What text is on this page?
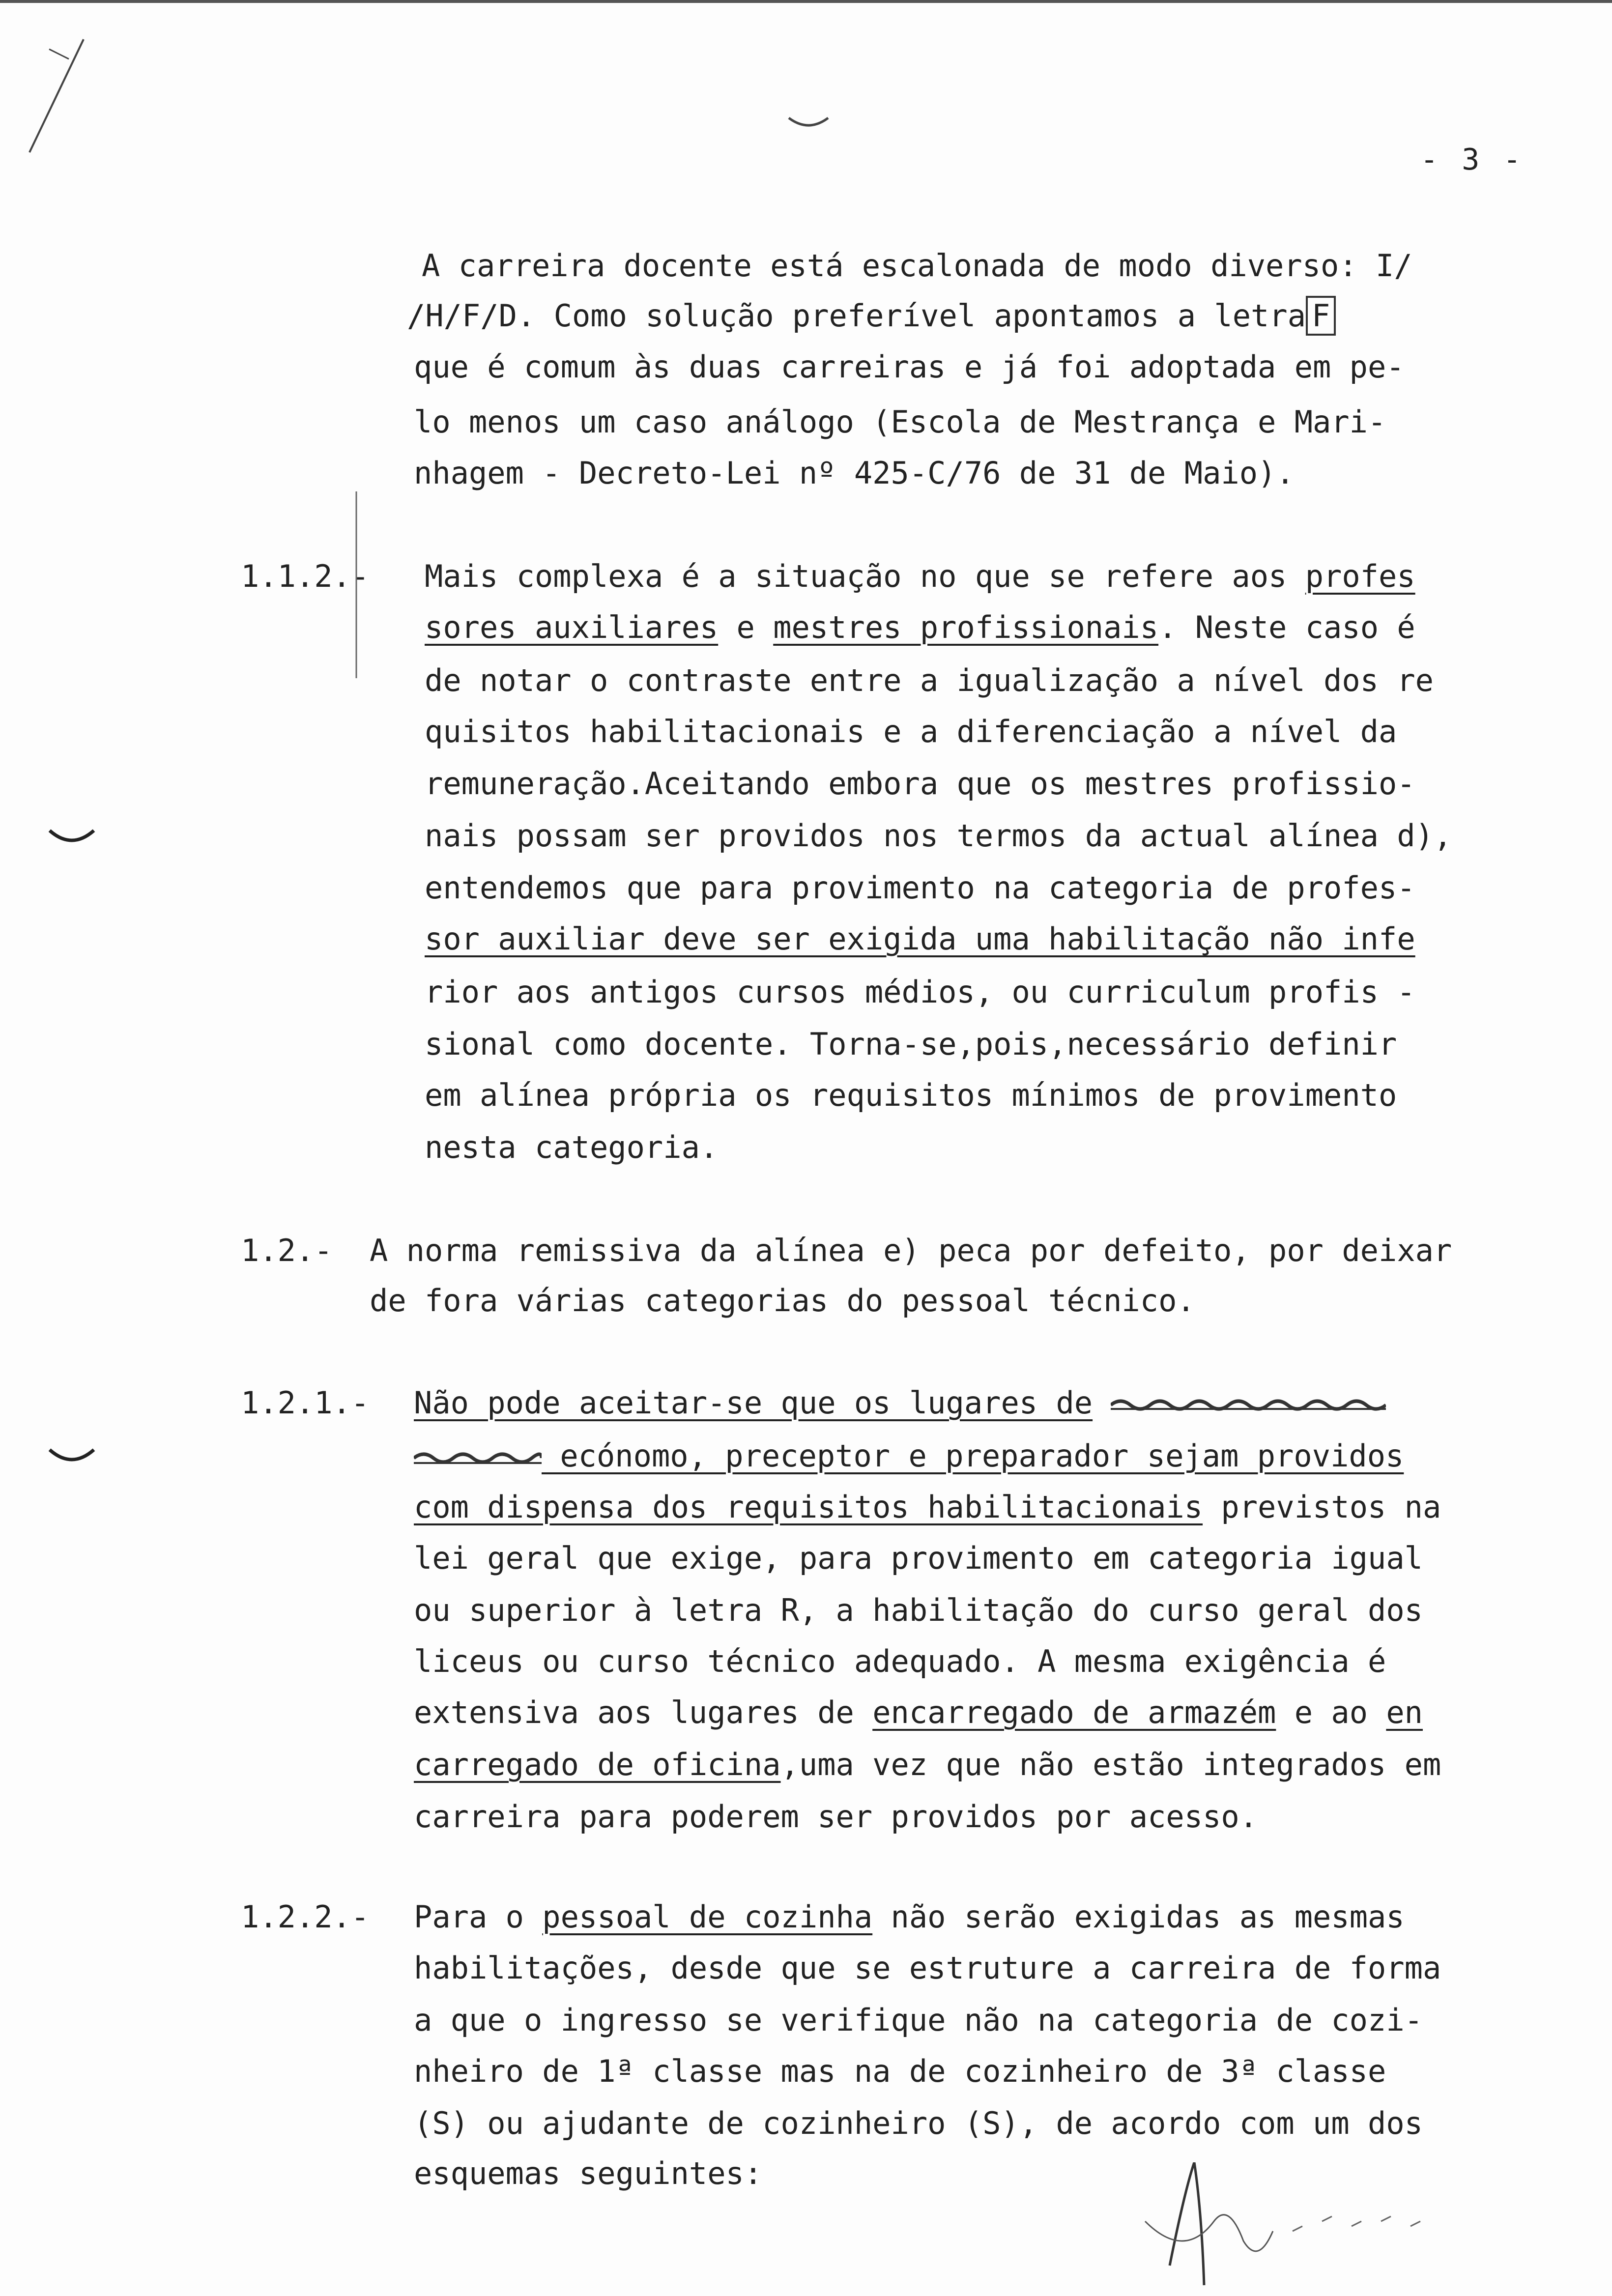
- 3 -
A carreira docente está escalonada de modo diverso: I/
/H/F/D. Como solução preferível apontamos a letra F
que é comum às duas carreiras e já foi adoptada em pe-
lo menos um caso análogo (Escola de Mestrança e Mari-
nhagem - Decreto-Lei nº 425-C/76 de 31 de Maio).
1.1.2.- Mais complexa é a situação no que se refere aos profes
sores auxiliares e mestres profissionais. Neste caso é
de notar o contraste entre a igualização a nível dos re
quisitos habilitacionais e a diferenciação a nível da
remuneração.Aceitando embora que os mestres profissio-
nais possam ser providos nos termos da actual alínea d),
entendemos que para provimento na categoria de profes-
sor auxiliar deve ser exigida uma habilitação não infe
rior aos antigos cursos médios, ou curriculum profis -
sional como docente. Torna-se,pois,necessário definir
em alínea própria os requisitos mínimos de provimento
nesta categoria.
1.2.- A norma remissiva da alínea e) peca por defeito, por deixar
de fora várias categorias do pessoal técnico.
1.2.1.- Não pode aceitar-se que os lugares de
ecónomo, preceptor e preparador sejam providos
com dispensa dos requisitos habilitacionais previstos na
lei geral que exige, para provimento em categoria igual
ou superior à letra R, a habilitação do curso geral dos
liceus ou curso técnico adequado. A mesma exigência é
extensiva aos lugares de encarregado de armazém e ao en
carregado de oficina,uma vez que não estão integrados em
carreira para poderem ser providos por acesso.
1.2.2.- Para o pessoal de cozinha não serão exigidas as mesmas
habilitações, desde que se estruture a carreira de forma
a que o ingresso se verifique não na categoria de cozi-
nheiro de 1ª classe mas na de cozinheiro de 3ª classe
(S) ou ajudante de cozinheiro (S), de acordo com um dos
esquemas seguintes:
